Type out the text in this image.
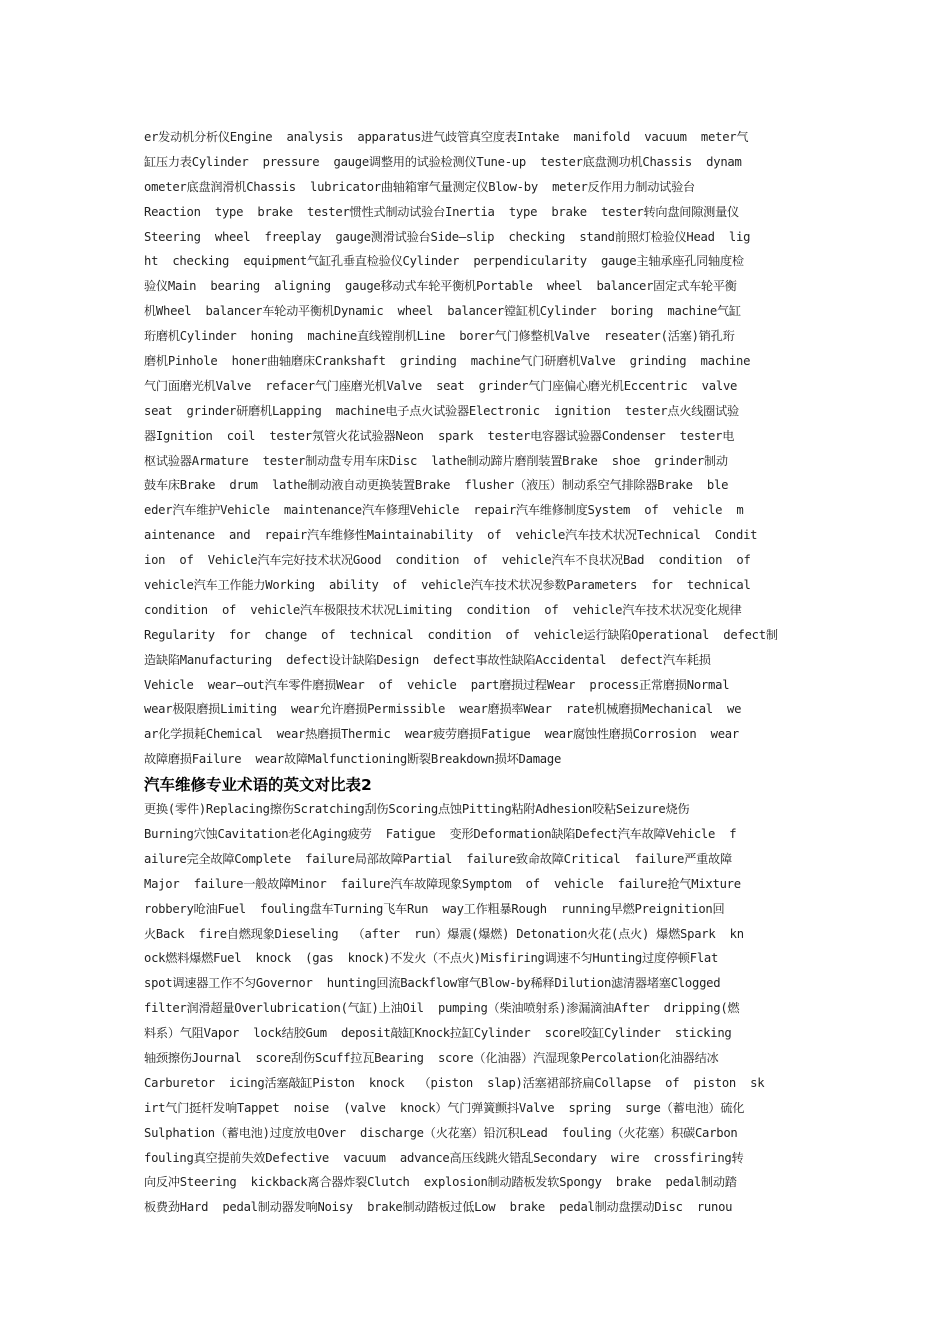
er发动机分析仪Engine  analysis  apparatus进气歧管真空度表Intake  manifold  vacuum  meter气
缸压力表Cylinder  pressure  gauge调整用的试验检测仪Tune-up  tester底盘测功机Chassis  dynam
ometer底盘润滑机Chassis  lubricator曲轴箱窜气量测定仪Blow-by  meter反作用力制动试验台
Reaction  type  brake  tester惯性式制动试验台Inertia  type  brake  tester转向盘间隙测量仪
Steering  wheel  freeplay  gauge测滑试验台Side—slip  checking  stand前照灯检验仪Head  lig
ht  checking  equipment气缸孔垂直检验仪Cylinder  perpendicularity  gauge主轴承座孔同轴度检
验仪Main  bearing  aligning  gauge移动式车轮平衡机Portable  wheel  balancer固定式车轮平衡
机Wheel  balancer车轮动平衡机Dynamic  wheel  balancer镗缸机Cylinder  boring  machine气缸
珩磨机Cylinder  honing  machine直线镗削机Line  borer气门修整机Valve  reseater(活塞)销孔珩
磨机Pinhole  honer曲轴磨床Crankshaft  grinding  machine气门研磨机Valve  grinding  machine
气门面磨光机Valve  refacer气门座磨光机Valve  seat  grinder气门座偏心磨光机Eccentric  valve
seat  grinder研磨机Lapping  machine电子点火试验器Electronic  ignition  tester点火线圈试验
器Ignition  coil  tester氖管火花试验器Neon  spark  tester电容器试验器Condenser  tester电
枢试验器Armature  tester制动盘专用车床Disc  lathe制动蹄片磨削装置Brake  shoe  grinder制动
鼓车床Brake  drum  lathe制动液自动更换装置Brake  flusher（液压）制动系空气排除器Brake  ble
eder汽车维护Vehicle  maintenance汽车修理Vehicle  repair汽车维修制度System  of  vehicle  m
aintenance  and  repair汽车维修性Maintainability  of  vehicle汽车技术状况Technical  Condit
ion  of  Vehicle汽车完好技术状况Good  condition  of  vehicle汽车不良状况Bad  condition  of
vehicle汽车工作能力Working  ability  of  vehicle汽车技术状况参数Parameters  for  technical
condition  of  vehicle汽车极限技术状况Limiting  condition  of  vehicle汽车技术状况变化规律
Regularity  for  change  of  technical  condition  of  vehicle运行缺陷Operational  defect制
造缺陷Manufacturing  defect设计缺陷Design  defect事故性缺陷Accidental  defect汽车耗损
Vehicle  wear—out汽车零件磨损Wear  of  vehicle  part磨损过程Wear  process正常磨损Normal
wear极限磨损Limiting  wear允许磨损Permissible  wear磨损率Wear  rate机械磨损Mechanical  we
ar化学损耗Chemical  wear热磨损Thermic  wear疲劳磨损Fatigue  wear腐蚀性磨损Corrosion  wear
故障磨损Failure  wear故障Malfunctioning断裂Breakdown损坏Damage
汽车维修专业术语的英文对比表2
更换(零件)Replacing擦伤Scratching刮伤Scoring点蚀Pitting粘附Adhesion咬粘Seizure烧伤
Burning穴蚀Cavitation老化Aging疲劳  Fatigue  变形Deformation缺陷Defect汽车故障Vehicle  f
ailure完全故障Complete  failure局部故障Partial  failure致命故障Critical  failure严重故障
Major  failure一般故障Minor  failure汽车故障现象Symptom  of  vehicle  failure抢气Mixture
robbery呛油Fuel  fouling盘车Turning飞车Run  way工作粗暴Rough  running早燃Preignition回
火Back  fire自燃现象Dieseling  （after  run）爆震(爆燃) Detonation火花(点火) 爆燃Spark  kn
ock燃料爆燃Fuel  knock  (gas  knock)不发火（不点火)Misfiring调速不匀Hunting过度停顿Flat
spot调速器工作不匀Governor  hunting回流Backflow窜气Blow-by稀释Dilution滤清器堵塞Clogged
filter润滑超量Overlubrication(气缸)上油Oil  pumping（柴油喷射系)渗漏滴油After  dripping(燃
料系）气阻Vapor  lock结胶Gum  deposit敲缸Knock拉缸Cylinder  score咬缸Cylinder  sticking
轴颈擦伤Journal  score刮伤Scuff拉瓦Bearing  score（化油器）汽湿现象Percolation化油器结冰
Carburetor  icing活塞敲缸Piston  knock  （piston  slap)活塞裙部挤扁Collapse  of  piston  sk
irt气门挺杆发响Tappet  noise  (valve  knock）气门弹簧颤抖Valve  spring  surge（蓄电池）硫化
Sulphation（蓄电池)过度放电Over  discharge（火花塞）铅沉积Lead  fouling（火花塞）积碳Carbon
fouling真空提前失效Defective  vacuum  advance高压线跳火错乱Secondary  wire  crossfiring转
向反冲Steering  kickback离合器炸裂Clutch  explosion制动踏板发软Spongy  brake  pedal制动踏
板费劲Hard  pedal制动器发响Noisy  brake制动踏板过低Low  brake  pedal制动盘摆动Disc  runou
